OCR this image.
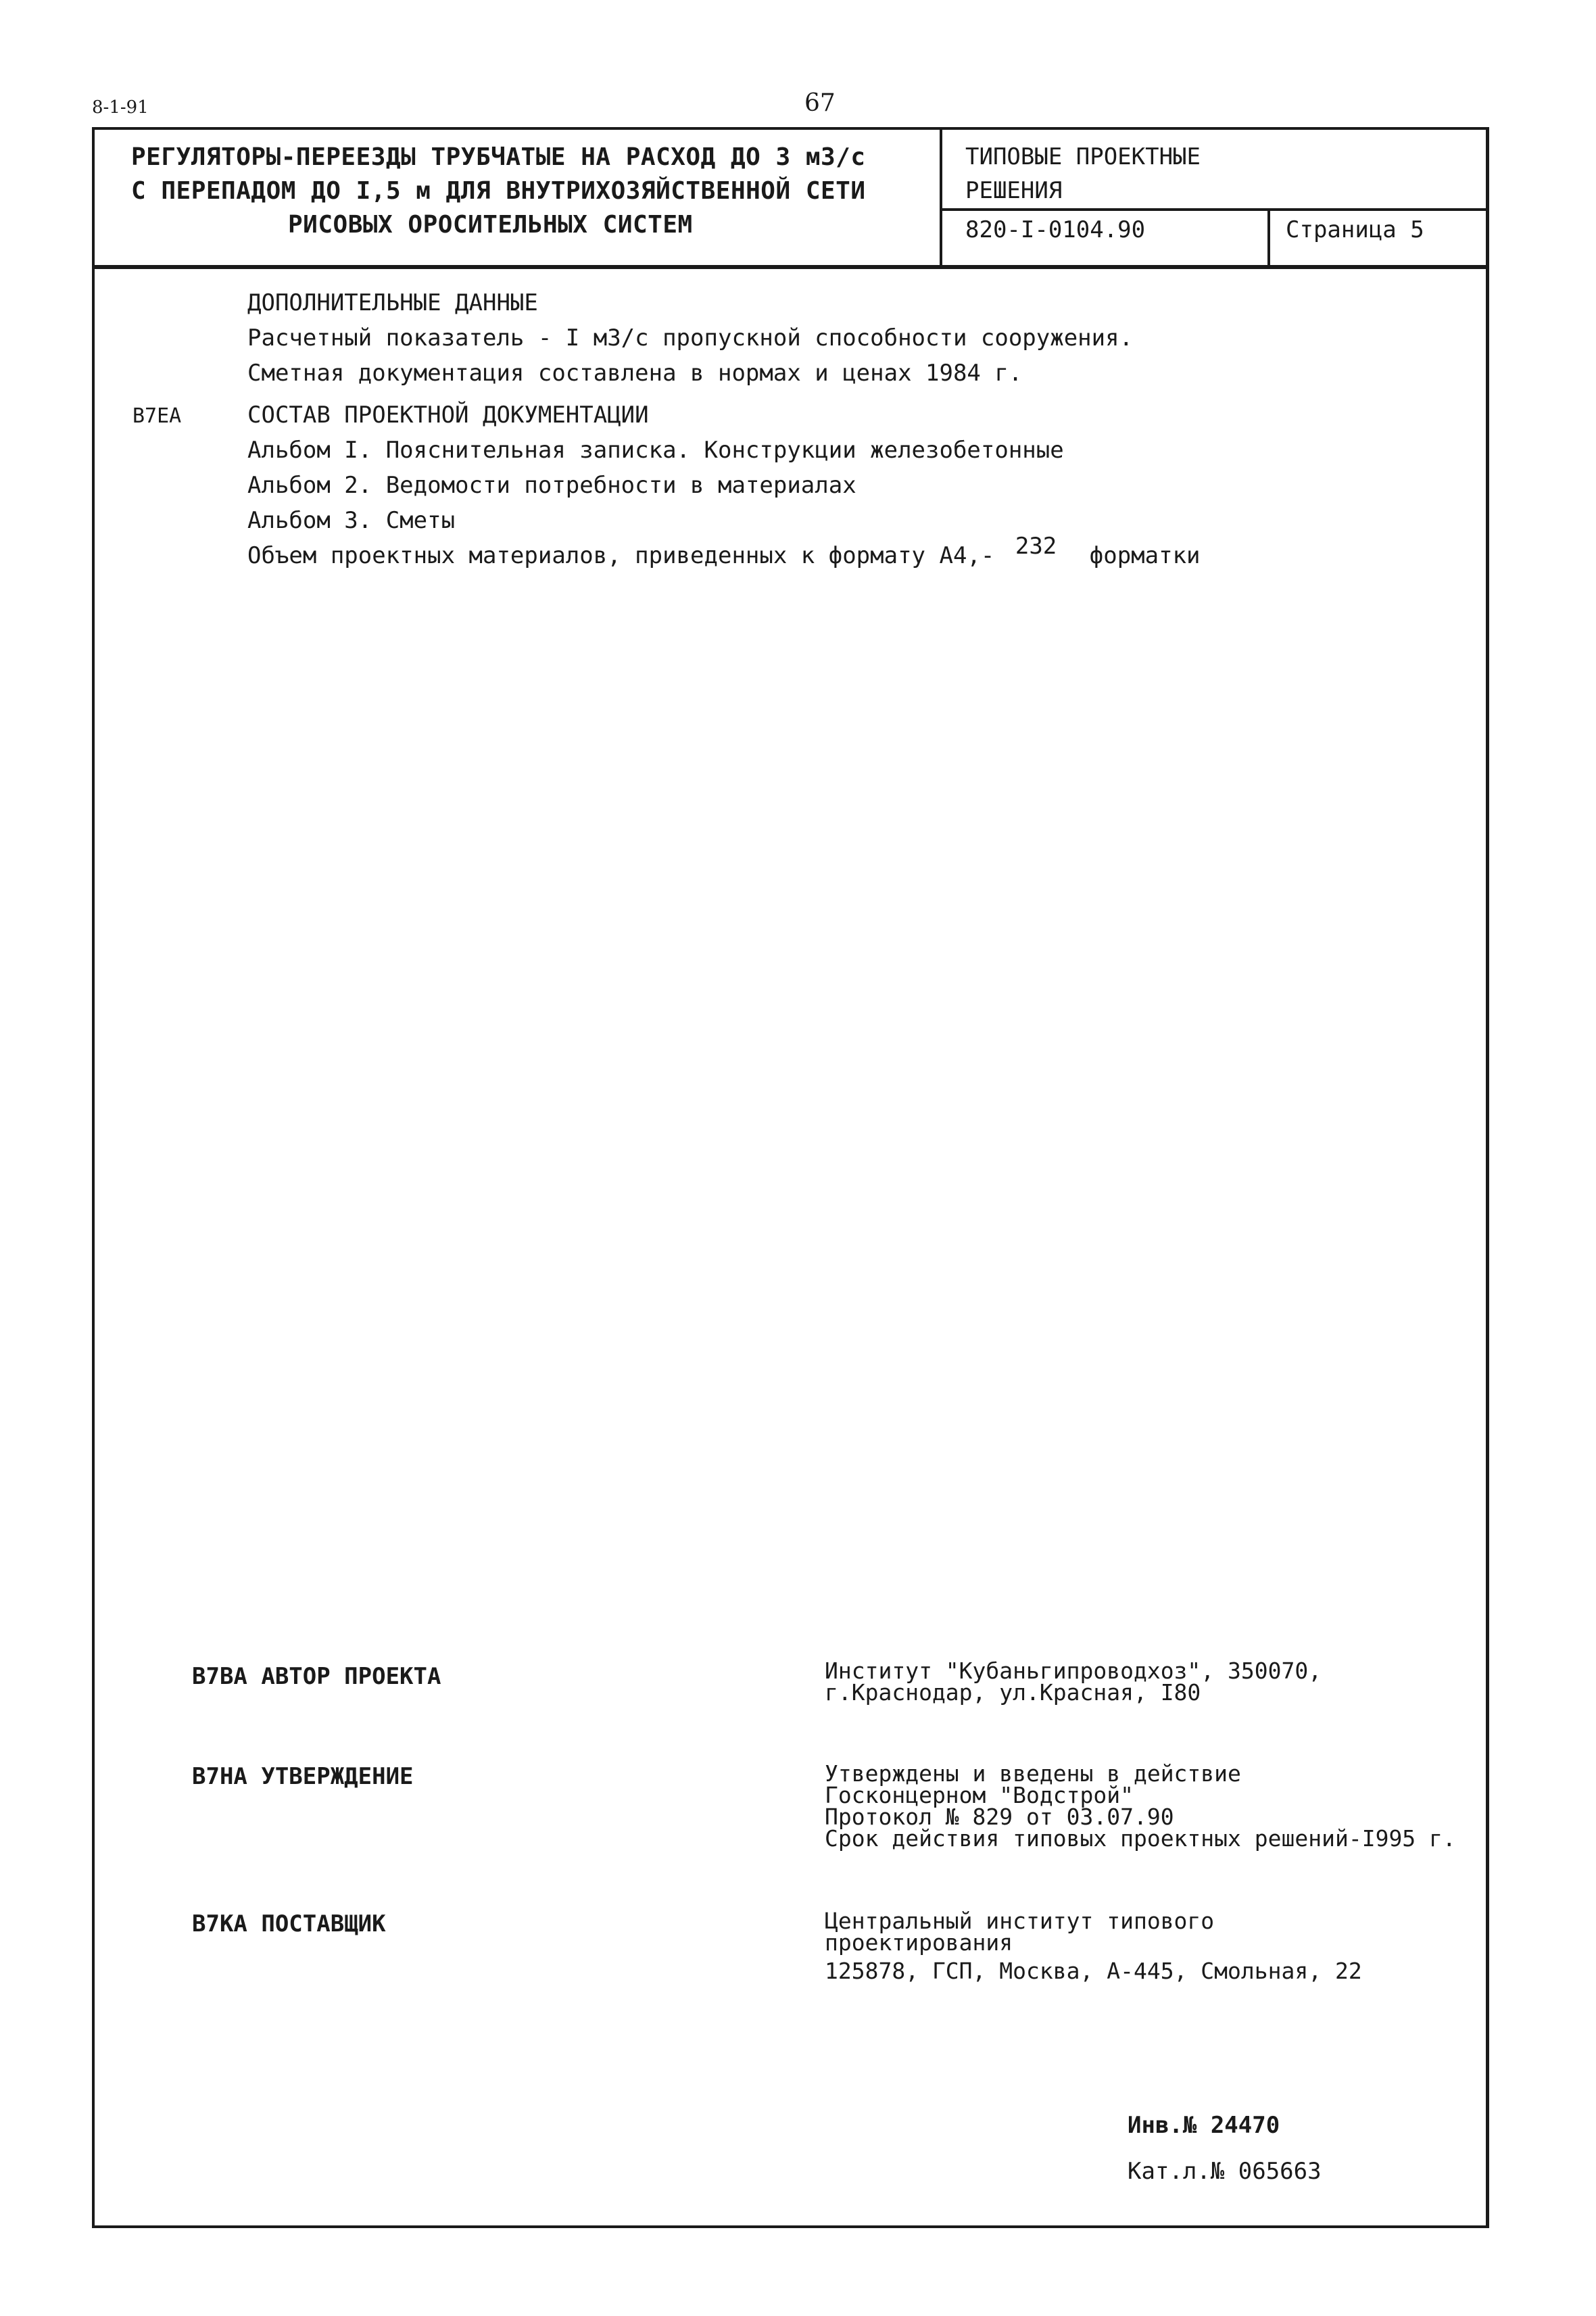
8-1-91	67
РЕГУЛЯТОРЫ-ПЕРЕЕЗДЫ ТРУБЧАТЫЕ НА РАСХОД ДО 3 м3/с
С ПЕРЕПАДОМ ДО I,5 м ДЛЯ ВНУТРИХОЗЯЙСТВЕННОЙ СЕТИ
РИСОВЫХ ОРОСИТЕЛЬНЫХ СИСТЕМ
ТИПОВЫЕ ПРОЕКТНЫЕ
РЕШЕНИЯ
820-I-0104.90	Страница 5
ДОПОЛНИТЕЛЬНЫЕ ДАННЫЕ
Расчетный показатель - I м3/с пропускной способности сооружения.
Сметная документация составлена в нормах и ценах 1984 г.
В7ЕА	СОСТАВ ПРОЕКТНОЙ ДОКУМЕНТАЦИИ
Альбом I. Пояснительная записка. Конструкции железобетонные
Альбом 2. Ведомости потребности в материалах
Альбом 3. Сметы
Объем проектных материалов, приведенных к формату А4,- 232 форматки
В7ВА АВТОР ПРОЕКТА	Институт "Кубаньгипроводхоз", 350070,
г.Краснодар, ул.Красная, I80
В7НА УТВЕРЖДЕНИЕ	Утверждены и введены в действие
Госконцерном "Водстрой"
Протокол № 829 от 03.07.90
Срок действия типовых проектных решений-I995 г.
В7КА ПОСТАВЩИК	Центральный институт типового
проектирования
125878, ГСП, Москва, А-445, Смольная, 22
Инв.№ 24470
Кат.л.№ 065663
